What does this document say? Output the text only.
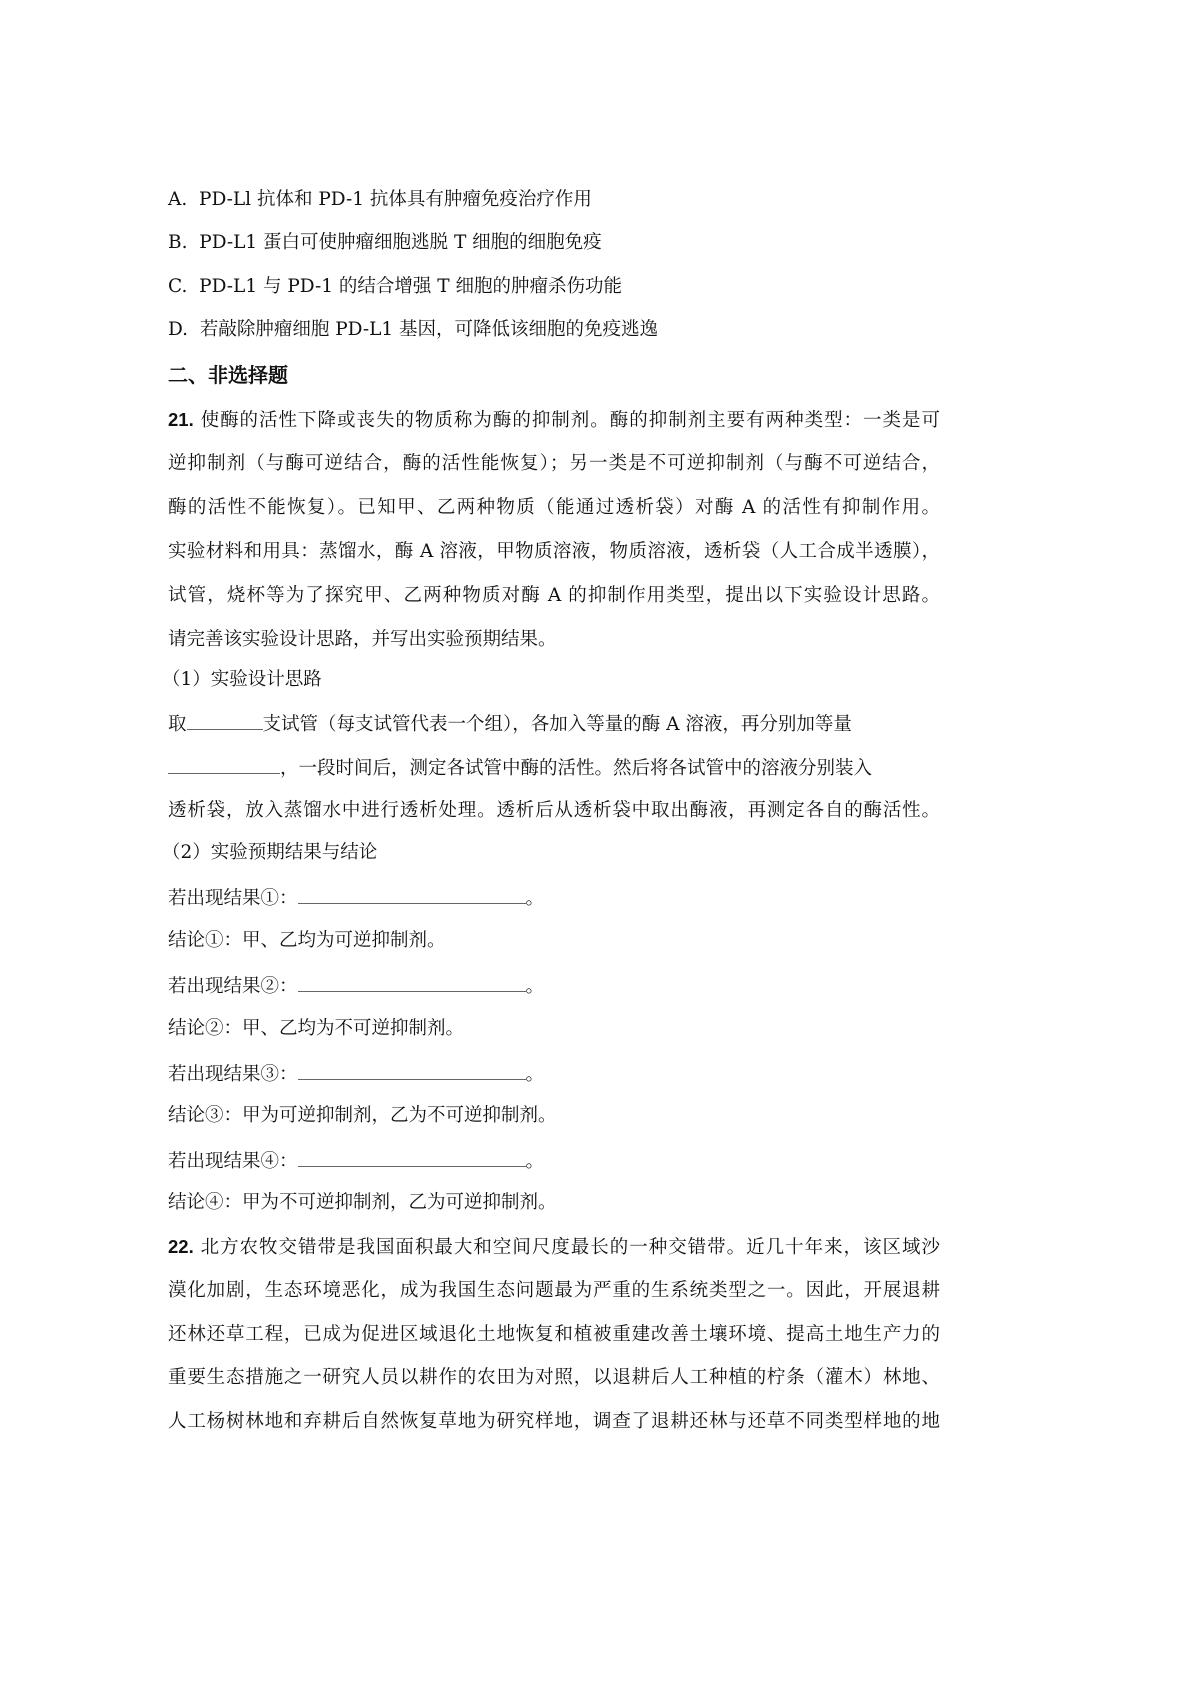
A. PD-Ll 抗体和 PD-1 抗体具有肿瘤免疫治疗作用
B. PD-L1 蛋白可使肿瘤细胞逃脱 T 细胞的细胞免疫
C. PD-L1 与 PD-1 的结合增强 T 细胞的肿瘤杀伤功能
D. 若敲除肿瘤细胞 PD-L1 基因，可降低该细胞的免疫逃逸
二、非选择题
21. 使酶的活性下降或丧失的物质称为酶的抑制剂。酶的抑制剂主要有两种类型：一类是可
逆抑制剂（与酶可逆结合，酶的活性能恢复）；另一类是不可逆抑制剂（与酶不可逆结合，
酶的活性不能恢复）。已知甲、乙两种物质（能通过透析袋）对酶 A 的活性有抑制作用。
实验材料和用具：蒸馏水，酶 A 溶液，甲物质溶液，物质溶液，透析袋（人工合成半透膜），
试管，烧杯等为了探究甲、乙两种物质对酶 A 的抑制作用类型，提出以下实验设计思路。
请完善该实验设计思路，并写出实验预期结果。
（1）实验设计思路
取	支试管（每支试管代表一个组），各加入等量的酶 A 溶液，再分别加等量
，一段时间后，测定各试管中酶的活性。然后将各试管中的溶液分别装入
透析袋，放入蒸馏水中进行透析处理。透析后从透析袋中取出酶液，再测定各自的酶活性。
（2）实验预期结果与结论
若出现结果①：	。
结论①：甲、乙均为可逆抑制剂。
若出现结果②：	。
结论②：甲、乙均为不可逆抑制剂。
若出现结果③：	。
结论③：甲为可逆抑制剂，乙为不可逆抑制剂。
若出现结果④：	。
结论④：甲为不可逆抑制剂，乙为可逆抑制剂。
22. 北方农牧交错带是我国面积最大和空间尺度最长的一种交错带。近几十年来，该区域沙
漠化加剧，生态环境恶化，成为我国生态问题最为严重的生系统类型之一。因此，开展退耕
还林还草工程，已成为促进区域退化土地恢复和植被重建改善土壤环境、提高土地生产力的
重要生态措施之一研究人员以耕作的农田为对照，以退耕后人工种植的柠条（灌木）林地、
人工杨树林地和弃耕后自然恢复草地为研究样地，调查了退耕还林与还草不同类型样地的地
